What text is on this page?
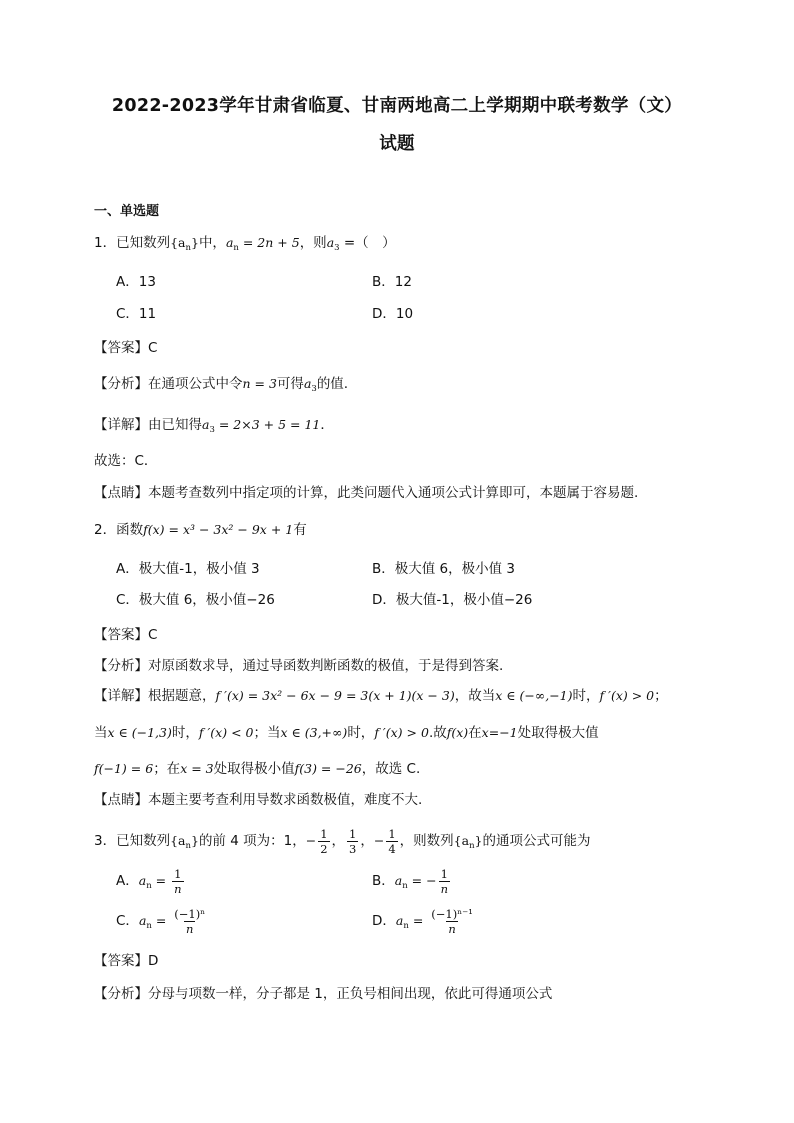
2022-2023学年甘肃省临夏、甘南两地高二上学期期中联考数学（文）
试题
一、单选题
1．已知数列$\{a_n\}$中，$a_n = 2n + 5$，则$a_3$ =（　）
A．13	B．12
C．11	D．10
【答案】C
【分析】在通项公式中令n = 3可得$a_3$的值.
【详解】由已知得$a_3 = 2\times 3 + 5 = 11$．
故选：C．
【点睛】本题考查数列中指定项的计算，此类问题代入通项公式计算即可，本题属于容易题.
2．函数f(x) = x³ − 3x² − 9x + 1有
A．极大值-1，极小值 3	B．极大值 6，极小值 3
C．极大值 6，极小值−26	D．极大值-1，极小值−26
【答案】C
【分析】对原函数求导，通过导函数判断函数的极值，于是得到答案.
【详解】根据题意，f ′(x) = 3x² − 6x − 9 = 3(x + 1)(x − 3)，故当x ∈ (−∞,−1)时，f ′(x) > 0；
当x ∈ (−1,3)时，f ′(x) < 0；当x ∈ (3,+∞)时，f ′(x) > 0.故f(x)在x=−1处取得极大值
f(−1) = 6；在x = 3处取得极小值f(3) = −26，故选 C.
【点睛】本题主要考查利用导数求函数极值，难度不大.
3．已知数列$\{a_n\}$的前 4 项为：1，− $\frac{1}{2}$ ， $\frac{1}{3}$ ，− $\frac{1}{4}$ ，则数列$\{a_n\}$的通项公式可能为
A．$a_n = \frac{1}{n}$	B．$a_n$ = − $\frac{1}{n}$
C．$a_n = \frac{\text{(−1)ⁿ}}{n}$	D．$a_n = \frac{\text{(−1)ⁿ⁻¹}}{n}$
【答案】D
【分析】分母与项数一样，分子都是 1，正负号相间出现，依此可得通项公式
